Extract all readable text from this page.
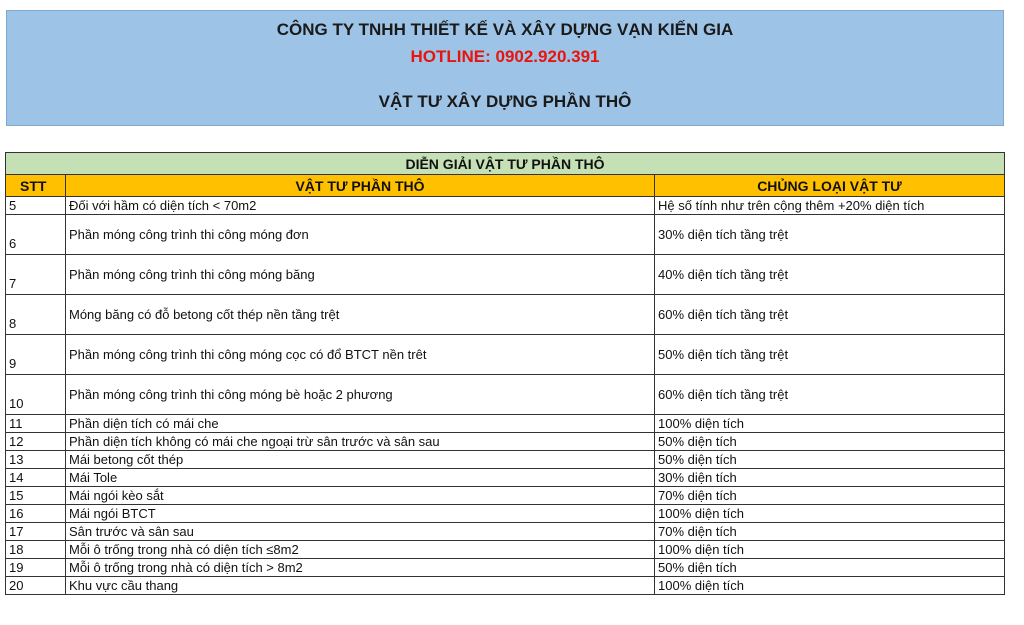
CÔNG TY TNHH THIẾT KẾ VÀ XÂY DỰNG VẠN KIẾN GIA
HOTLINE: 0902.920.391
VẬT TƯ XÂY DỰNG PHẦN THÔ
DIỄN GIẢI VẬT TƯ PHẦN THÔ		
STT	VẬT TƯ PHẦN THÔ	CHỦNG LOẠI VẬT TƯ
5	Đối với hầm có diện tích < 70m2	Hệ số tính như trên cộng thêm +20% diện tích
6	Phần móng công trình thi công móng đơn	30% diện tích tầng trệt
7	Phần móng công trình thi công móng băng	40% diện tích tầng trệt
8	Móng băng có đỗ betong cốt thép nền tầng trệt	60% diện tích tầng trệt
9	Phần móng công trình thi công móng cọc có đổ BTCT nền trêt	50% diện tích tầng trệt
10	Phần móng công trình thi công móng bè hoặc 2 phương	60% diện tích tầng trệt
11	Phần diện tích có mái che	100% diện tích
12	Phần diện tích không có mái che ngoại trừ sân trước và sân sau	50% diện tích
13	Mái betong cốt thép	50% diện tích
14	Mái Tole	30% diện tích
15	Mái ngói kèo sắt	70% diện tích
16	Mái ngói BTCT	100% diện tích
17	Sân trước và sân sau	70% diện tích
18	Mỗi ô trống trong nhà có diện tích ≤8m2	100% diện tích
19	Mỗi ô trống trong nhà có diện tích > 8m2	50% diện tích
20	Khu vực cầu thang	100% diện tích
